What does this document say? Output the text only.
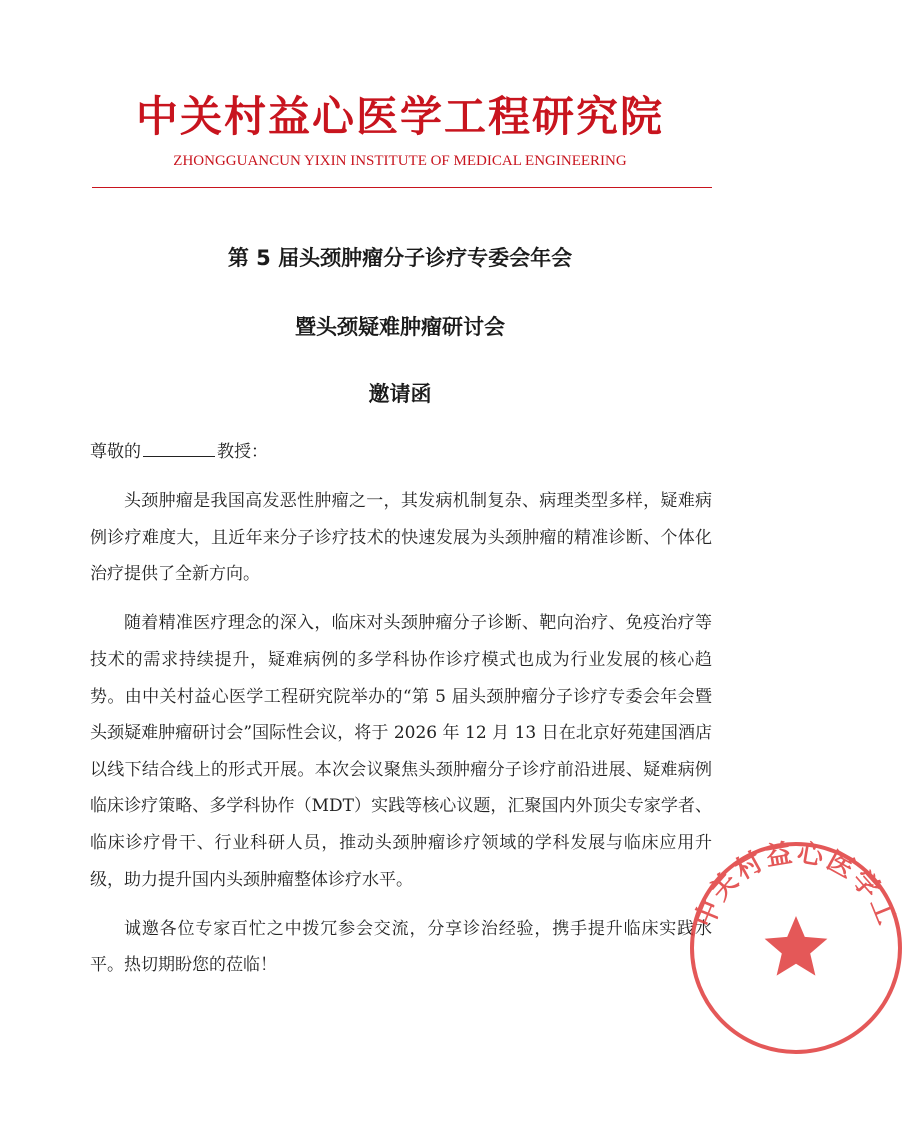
中关村益心医学工程研究院
ZHONGGUANCUN YIXIN INSTITUTE OF MEDICAL ENGINEERING
第 5 届头颈肿瘤分子诊疗专委会年会
暨头颈疑难肿瘤研讨会
邀请函
尊敬的	教授：

头颈肿瘤是我国高发恶性肿瘤之一，其发病机制复杂、病理类型多样，疑难病例诊疗难度大，且近年来分子诊疗技术的快速发展为头颈肿瘤的精准诊断、个体化治疗提供了全新方向。

随着精准医疗理念的深入，临床对头颈肿瘤分子诊断、靶向治疗、免疫治疗等技术的需求持续提升，疑难病例的多学科协作诊疗模式也成为行业发展的核心趋势。由中关村益心医学工程研究院举办的“第 5 届头颈肿瘤分子诊疗专委会年会暨头颈疑难肿瘤研讨会”国际性会议，将于 2026 年 12 月 13 日在北京好苑建国酒店以线下结合线上的形式开展。本次会议聚焦头颈肿瘤分子诊疗前沿进展、疑难病例临床诊疗策略、多学科协作（MDT）实践等核心议题，汇聚国内外顶尖专家学者、临床诊疗骨干、行业科研人员，推动头颈肿瘤诊疗领域的学科发展与临床应用升级，助力提升国内头颈肿瘤整体诊疗水平。

诚邀各位专家百忙之中拨冗参会交流，分享诊治经验，携手提升临床实践水平。热切期盼您的莅临！

中关村益心医学工
